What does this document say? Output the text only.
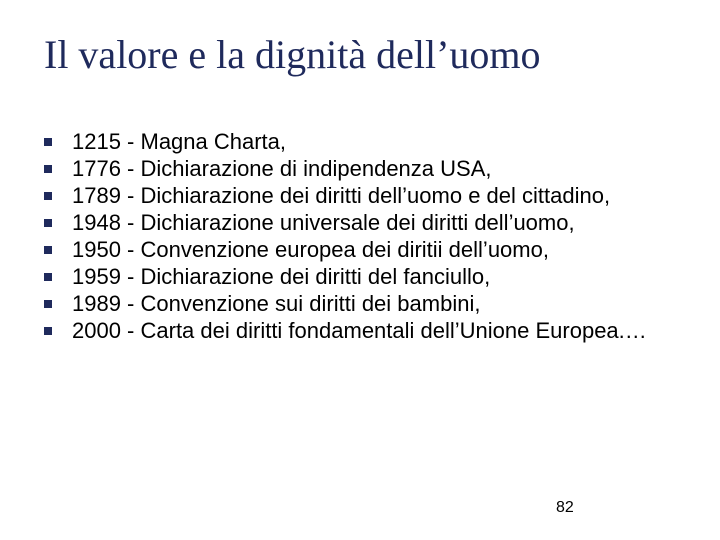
Il valore e la dignità dell’uomo
1215 - Magna Charta,
1776 - Dichiarazione di indipendenza USA,
1789 - Dichiarazione dei diritti dell’uomo e del cittadino,
1948 - Dichiarazione universale dei diritti dell’uomo,
1950 - Convenzione europea dei diritii dell’uomo,
1959 - Dichiarazione dei diritti del fanciullo,
1989 - Convenzione sui diritti dei bambini,
2000 - Carta dei diritti fondamentali dell’Unione Europea.…
82
